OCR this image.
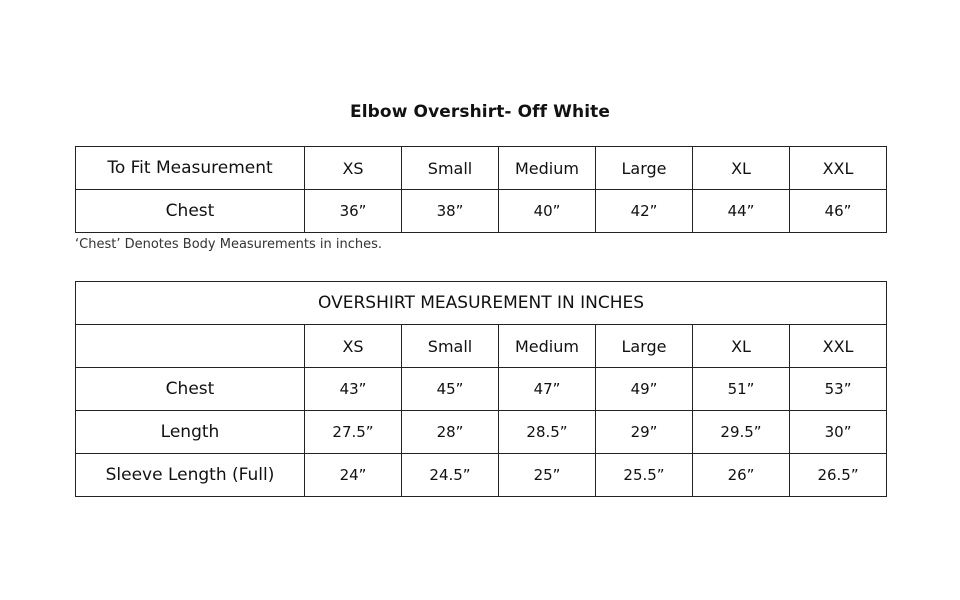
Elbow Overshirt- Off White
To Fit Measurement	XS	Small	Medium	Large	XL	XXL
Chest	36”	38”	40”	42”	44”	46”
‘Chest’ Denotes Body Measurements in inches.
OVERSHIRT MEASUREMENT IN INCHES						
	XS	Small	Medium	Large	XL	XXL
Chest	43”	45”	47”	49”	51”	53”
Length	27.5”	28”	28.5”	29”	29.5”	30”
Sleeve Length (Full)	24”	24.5”	25”	25.5”	26”	26.5”
